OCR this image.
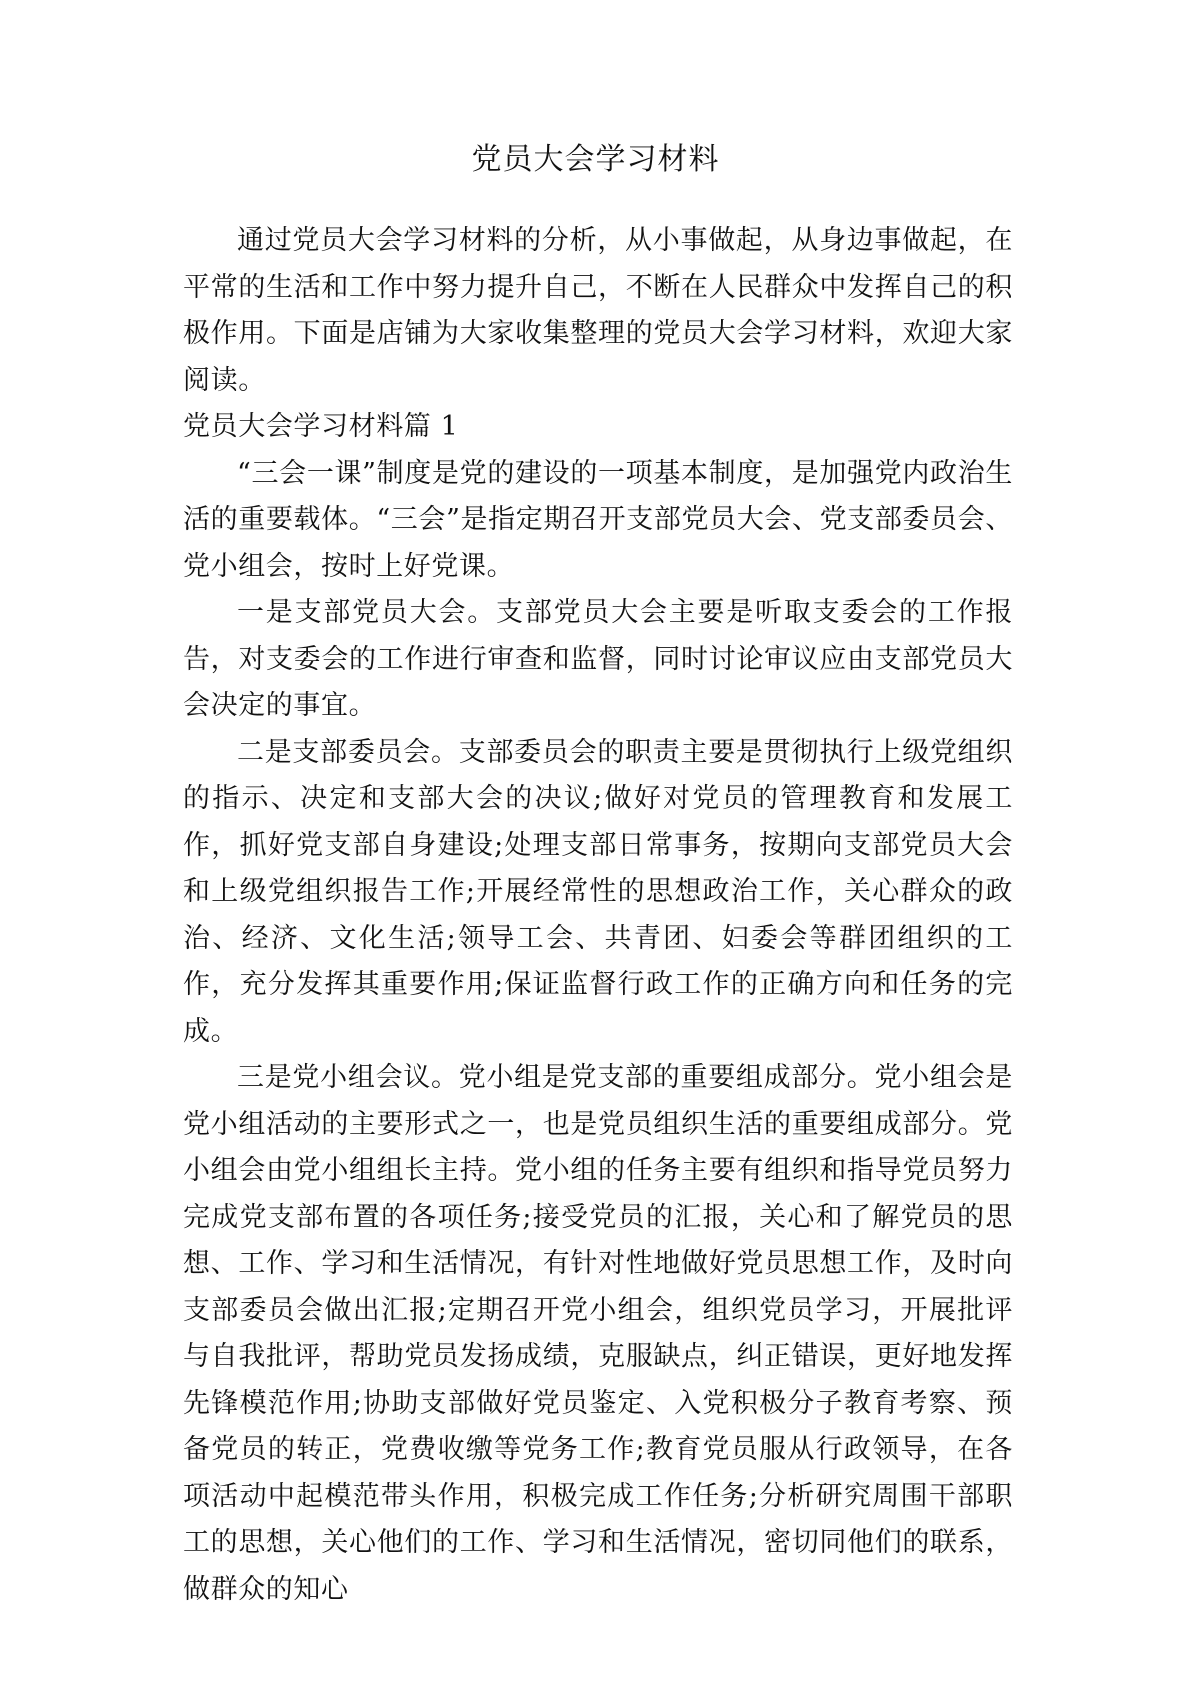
党员大会学习材料

通过党员大会学习材料的分析，从小事做起，从身边事做起，在平常的生活和工作中努力提升自己，不断在人民群众中发挥自己的积极作用。下面是店铺为大家收集整理的党员大会学习材料，欢迎大家阅读。

党员大会学习材料篇 1

“三会一课”制度是党的建设的一项基本制度，是加强党内政治生活的重要载体。“三会”是指定期召开支部党员大会、党支部委员会、党小组会，按时上好党课。

一是支部党员大会。支部党员大会主要是听取支委会的工作报告，对支委会的工作进行审查和监督，同时讨论审议应由支部党员大会决定的事宜。

二是支部委员会。支部委员会的职责主要是贯彻执行上级党组织的指示、决定和支部大会的决议;做好对党员的管理教育和发展工作，抓好党支部自身建设;处理支部日常事务，按期向支部党员大会和上级党组织报告工作;开展经常性的思想政治工作，关心群众的政治、经济、文化生活;领导工会、共青团、妇委会等群团组织的工作，充分发挥其重要作用;保证监督行政工作的正确方向和任务的完成。

三是党小组会议。党小组是党支部的重要组成部分。党小组会是党小组活动的主要形式之一，也是党员组织生活的重要组成部分。党小组会由党小组组长主持。党小组的任务主要有组织和指导党员努力完成党支部布置的各项任务;接受党员的汇报，关心和了解党员的思想、工作、学习和生活情况，有针对性地做好党员思想工作，及时向支部委员会做出汇报;定期召开党小组会，组织党员学习，开展批评与自我批评，帮助党员发扬成绩，克服缺点，纠正错误，更好地发挥先锋模范作用;协助支部做好党员鉴定、入党积极分子教育考察、预备党员的转正，党费收缴等党务工作;教育党员服从行政领导，在各项活动中起模范带头作用，积极完成工作任务;分析研究周围干部职工的思想，关心他们的工作、学习和生活情况，密切同他们的联系，做群众的知心
